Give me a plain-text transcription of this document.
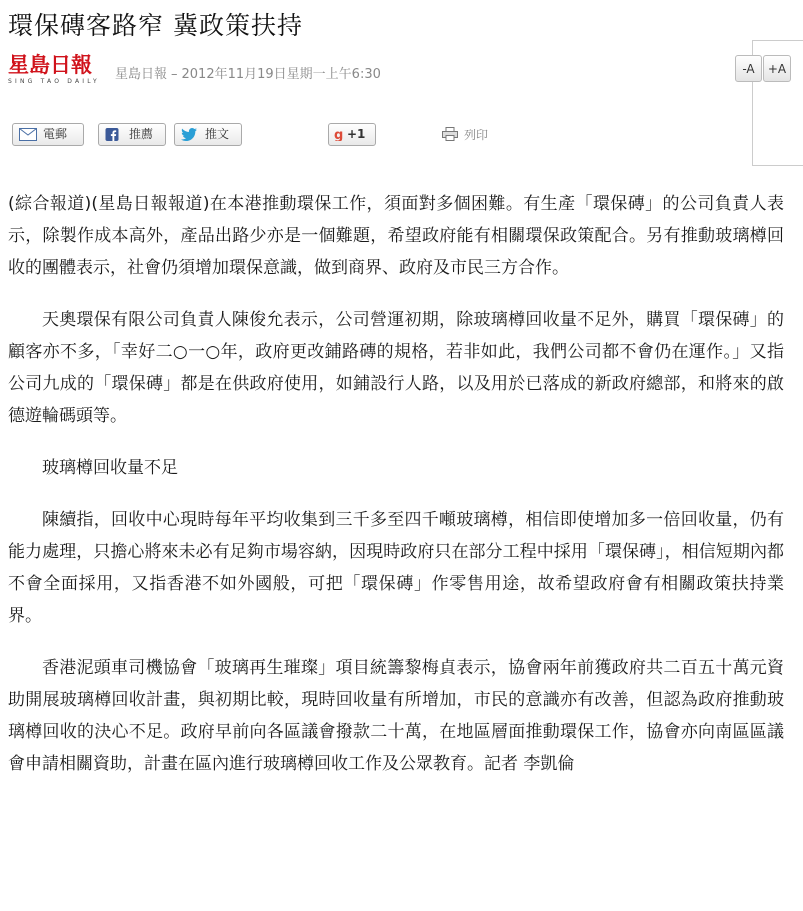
環保磚客路窄 冀政策扶持
星島日報
SING TAO DAILY	星島日報 – 2012年11月19日星期一上午6:30	-A	+A
電郵	推薦	推文	g +1	列印

(綜合報道)(星島日報報道)在本港推動環保工作，須面對多個困難。有生產「環保磚」的公司負責人表示，除製作成本高外，產品出路少亦是一個難題，希望政府能有相關環保政策配合。另有推動玻璃樽回收的團體表示，社會仍須增加環保意識，做到商界、政府及市民三方合作。

天奧環保有限公司負責人陳俊允表示，公司營運初期，除玻璃樽回收量不足外，購買「環保磚」的顧客亦不多，「幸好二○一○年，政府更改鋪路磚的規格，若非如此，我們公司都不會仍在運作。」又指公司九成的「環保磚」都是在供政府使用，如鋪設行人路，以及用於已落成的新政府總部，和將來的啟德遊輪碼頭等。

玻璃樽回收量不足

陳續指，回收中心現時每年平均收集到三千多至四千噸玻璃樽，相信即使增加多一倍回收量，仍有能力處理，只擔心將來未必有足夠市場容納，因現時政府只在部分工程中採用「環保磚」，相信短期內都不會全面採用，又指香港不如外國般，可把「環保磚」作零售用途，故希望政府會有相關政策扶持業界。

香港泥頭車司機協會「玻璃再生璀璨」項目統籌黎梅貞表示，協會兩年前獲政府共二百五十萬元資助開展玻璃樽回收計畫，與初期比較，現時回收量有所增加，市民的意識亦有改善，但認為政府推動玻璃樽回收的決心不足。政府早前向各區議會撥款二十萬，在地區層面推動環保工作，協會亦向南區區議會申請相關資助，計畫在區內進行玻璃樽回收工作及公眾教育。記者 李凱倫
